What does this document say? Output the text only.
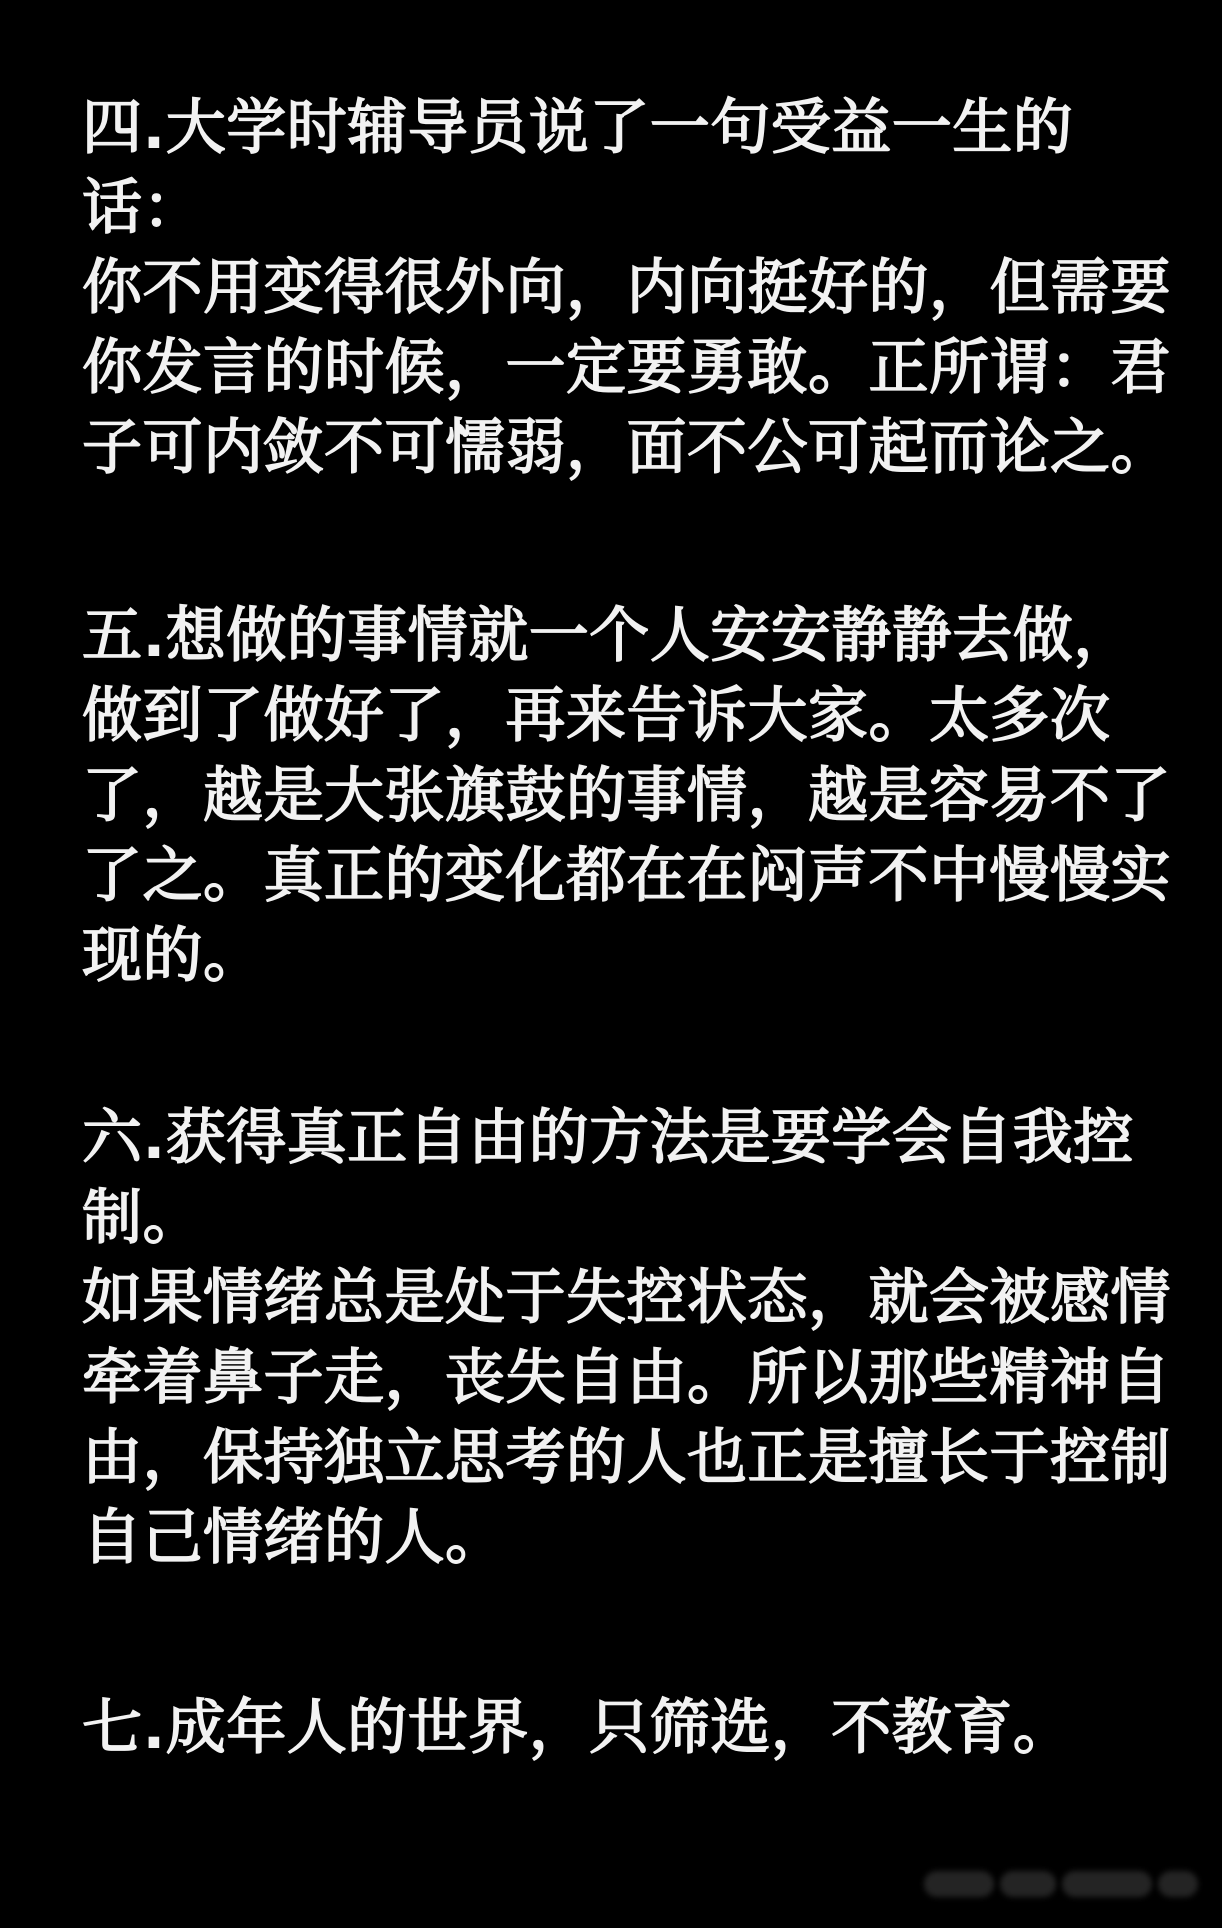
四.大学时辅导员说了一句受益一生的
话：
你不用变得很外向，内向挺好的，但需要
你发言的时候，一定要勇敢。正所谓：君
子可内敛不可懦弱，面不公可起而论之。
五.想做的事情就一个人安安静静去做，
做到了做好了，再来告诉大家。太多次
了，越是大张旗鼓的事情，越是容易不了
了之。真正的变化都在在闷声不中慢慢实
现的。
六.获得真正自由的方法是要学会自我控
制。
如果情绪总是处于失控状态，就会被感情
牵着鼻子走，丧失自由。所以那些精神自
由，保持独立思考的人也正是擅长于控制
自己情绪的人。
七.成年人的世界，只筛选，不教育。
